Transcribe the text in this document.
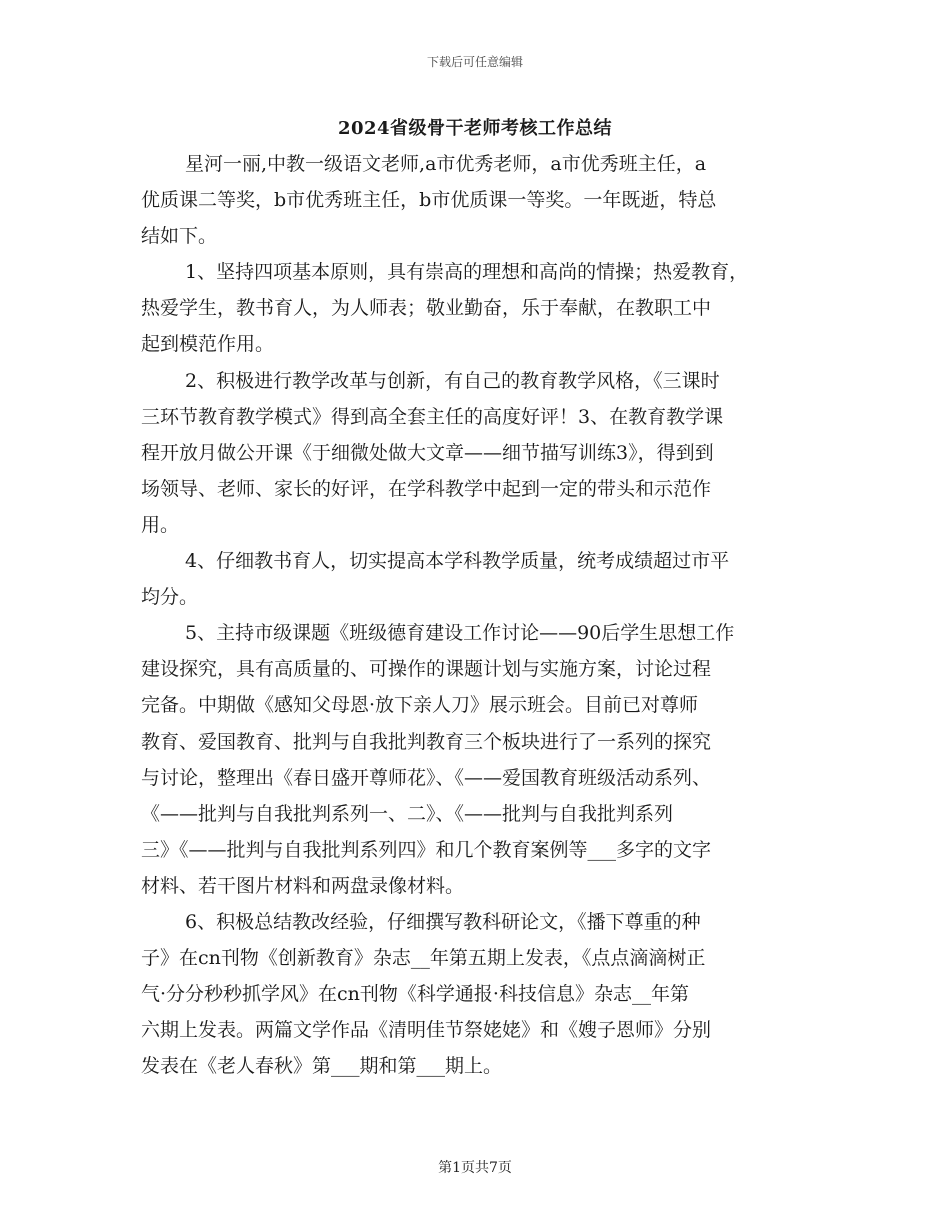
下载后可任意编辑
2024省级骨干老师考核工作总结
星河一丽,中教一级语文老师,a市优秀老师，a市优秀班主任，a
优质课二等奖，b市优秀班主任，b市优质课一等奖。一年既逝，特总
结如下。
1、坚持四项基本原则，具有崇高的理想和高尚的情操；热爱教育，
热爱学生，教书育人，为人师表；敬业勤奋，乐于奉献，在教职工中
起到模范作用。
2、积极进行教学改革与创新，有自己的教育教学风格，《三课时
三环节教育教学模式》得到高全套主任的高度好评！3、在教育教学课
程开放月做公开课《于细微处做大文章——细节描写训练3》，得到到
场领导、老师、家长的好评，在学科教学中起到一定的带头和示范作
用。
4、仔细教书育人，切实提高本学科教学质量，统考成绩超过市平
均分。
5、主持市级课题《班级德育建设工作讨论——90后学生思想工作
建设探究，具有高质量的、可操作的课题计划与实施方案，讨论过程
完备。中期做《感知父母恩·放下亲人刀》展示班会。目前已对尊师
教育、爱国教育、批判与自我批判教育三个板块进行了一系列的探究
与讨论，整理出《春日盛开尊师花》、《——爱国教育班级活动系列、
《——批判与自我批判系列一、二》、《——批判与自我批判系列
三》《——批判与自我批判系列四》和几个教育案例等___多字的文字
材料、若干图片材料和两盘录像材料。
6、积极总结教改经验，仔细撰写教科研论文，《播下尊重的种
子》在cn刊物《创新教育》杂志__年第五期上发表，《点点滴滴树正
气·分分秒秒抓学风》在cn刊物《科学通报·科技信息》杂志__年第
六期上发表。两篇文学作品《清明佳节祭姥姥》和《嫂子恩师》分别
发表在《老人春秋》第___期和第___期上。
第1页共7页
